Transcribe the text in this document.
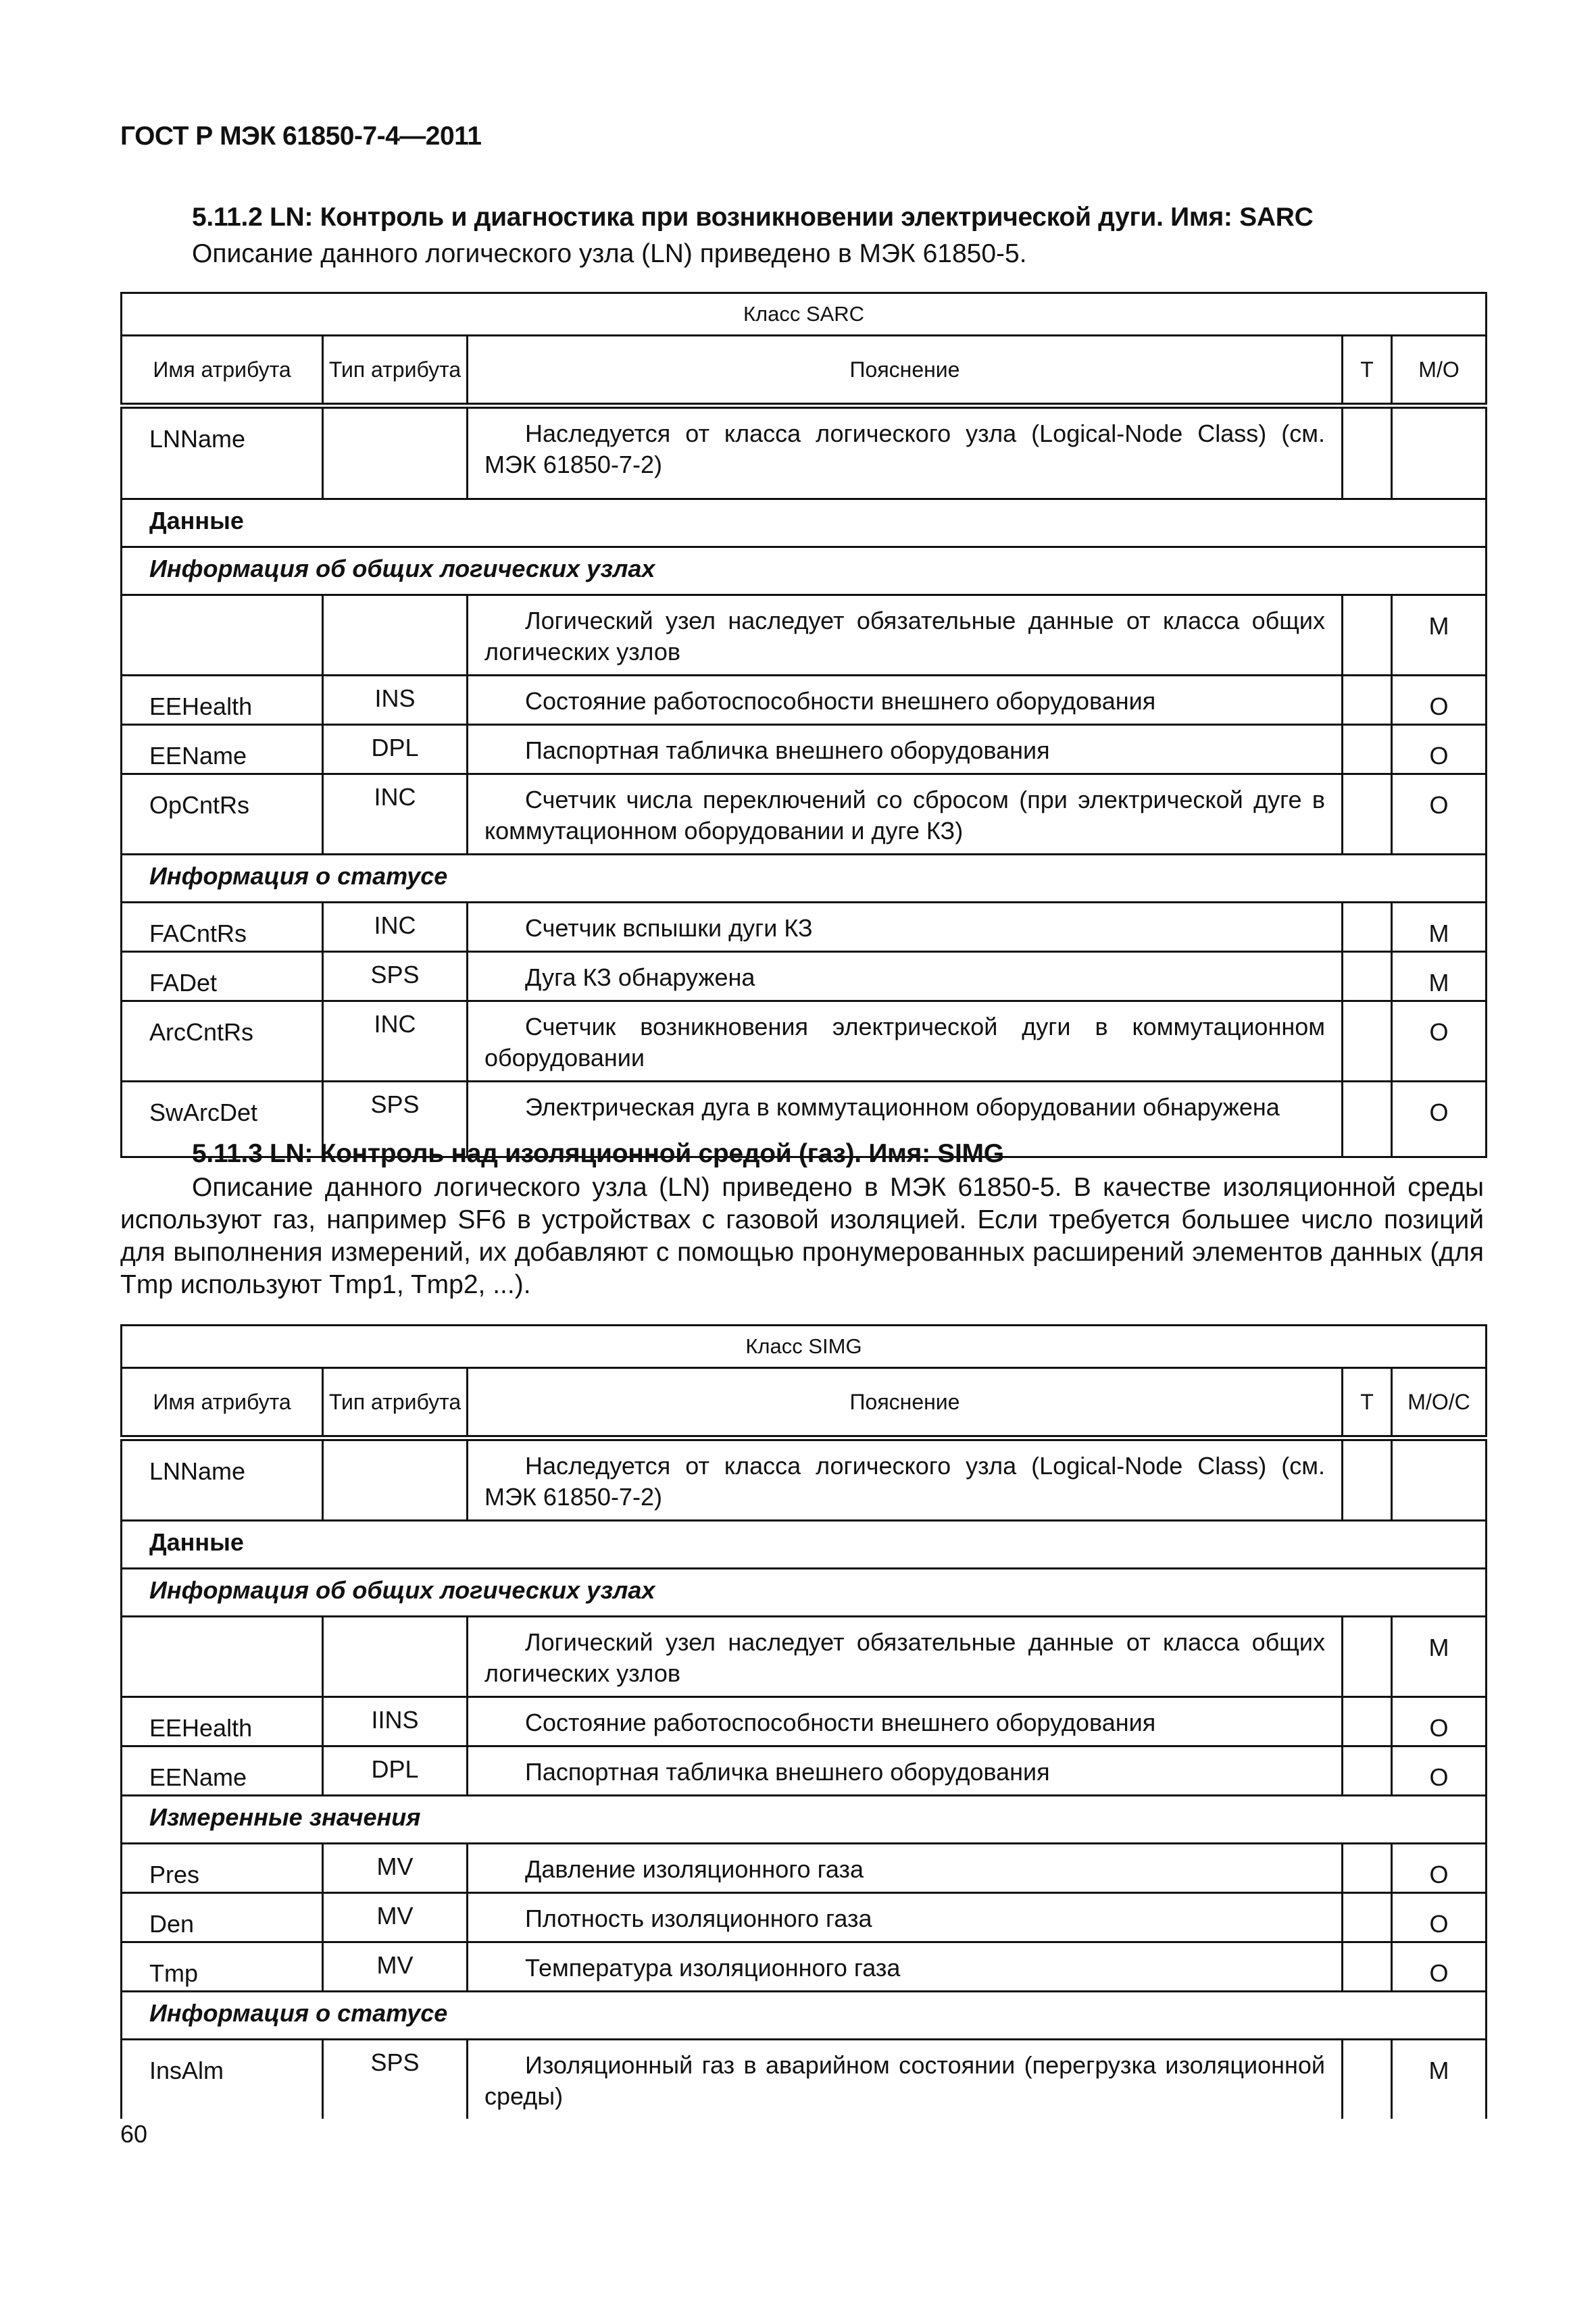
ГОСТ Р МЭК 61850-7-4—2011
5.11.2 LN: Контроль и диагностика при возникновении электрической дуги. Имя: SARC
Описание данного логического узла (LN) приведено в МЭК 61850-5.
Класс SARC				
Имя атрибута	Тип атрибута	Пояснение	Т	М/О
LNName		Наследуется от класса логического узла (Logical-Node Class) (см. МЭК 61850-7-2)		
Данные				
Информация об общих логических узлах				
		Логический узел наследует обязательные данные от класса общих логических узлов		М
EEHealth	INS	Состояние работоспособности внешнего оборудования		О
EEName	DPL	Паспортная табличка внешнего оборудования		О
OpCntRs	INC	Счетчик числа переключений со сбросом (при электрической дуге в коммутационном оборудовании и дуге КЗ)		О
Информация о статусе				
FACntRs	INC	Счетчик вспышки дуги КЗ		М
FADet	SPS	Дуга КЗ обнаружена		М
ArcCntRs	INC	Счетчик возникновения электрической дуги в коммутационном оборудовании		О
SwArcDet	SPS	Электрическая дуга в коммутационном оборудовании обнаружена		О
5.11.3 LN: Контроль над изоляционной средой (газ). Имя: SIMG
Описание данного логического узла (LN) приведено в МЭК 61850-5. В качестве изоляционной среды используют газ, например SF6 в устройствах с газовой изоляцией. Если требуется большее число позиций для выполнения измерений, их добавляют с помощью пронумерованных расширений элементов данных (для Tmp используют Tmp1, Tmp2, ...).
Класс SIMG				
Имя атрибута	Тип атрибута	Пояснение	Т	М/О/С
LNName		Наследуется от класса логического узла (Logical-Node Class) (см. МЭК 61850-7-2)		
Данные				
Информация об общих логических узлах				
		Логический узел наследует обязательные данные от класса общих логических узлов		М
EEHealth	IINS	Состояние работоспособности внешнего оборудования		О
EEName	DPL	Паспортная табличка внешнего оборудования		О
Измеренные значения				
Pres	MV	Давление изоляционного газа		О
Den	MV	Плотность изоляционного газа		О
Tmp	MV	Температура изоляционного газа		О
Информация о статусе				
InsAlm	SPS	Изоляционный газ в аварийном состоянии (перегрузка изоляционной среды)		М
60
